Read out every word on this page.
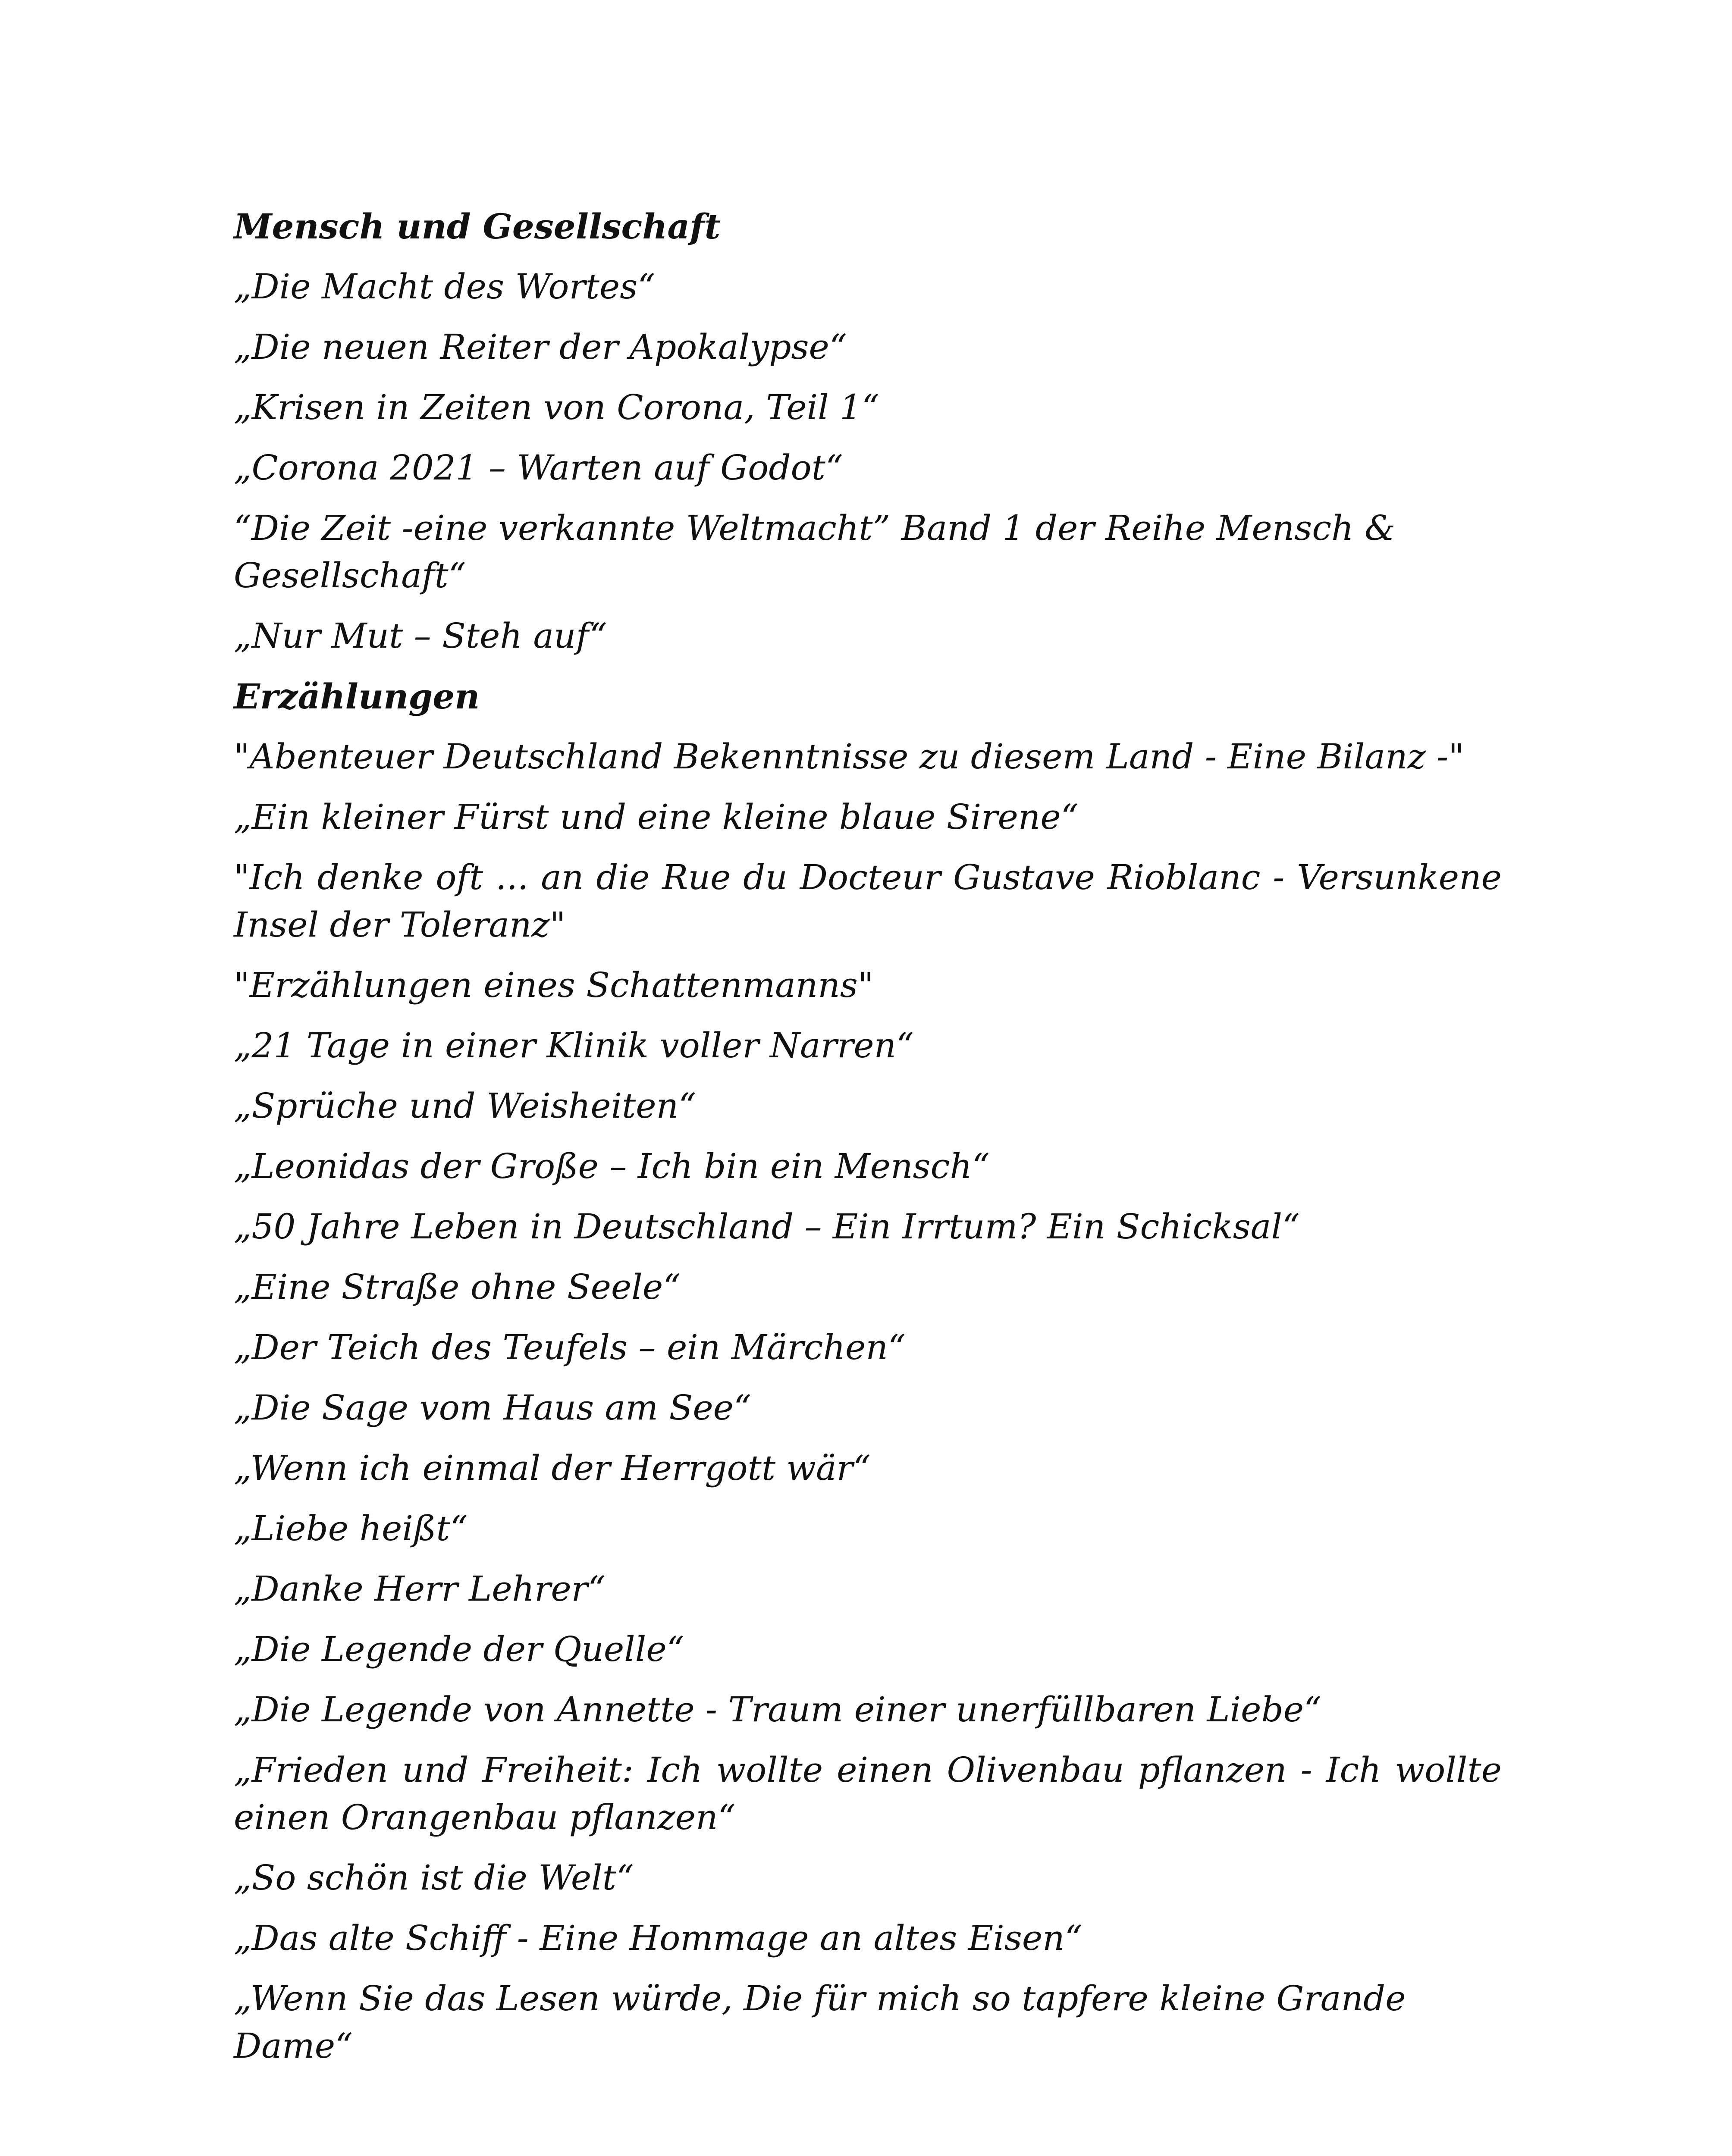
Mensch und Gesellschaft
„Die Macht des Wortes“
„Die neuen Reiter der Apokalypse“
„Krisen in Zeiten von Corona, Teil 1“
„Corona 2021 – Warten auf Godot“
“Die Zeit -eine verkannte Weltmacht” Band 1 der Reihe Mensch & Gesellschaft“
„Nur Mut – Steh auf“
Erzählungen
"Abenteuer Deutschland Bekenntnisse zu diesem Land - Eine Bilanz -"
„Ein kleiner Fürst und eine kleine blaue Sirene“
"Ich denke oft ... an die Rue du Docteur Gustave Rioblanc - Versunkene Insel der Toleranz"
"Erzählungen eines Schattenmanns"
„21 Tage in einer Klinik voller Narren“
„Sprüche und Weisheiten“
„Leonidas der Große – Ich bin ein Mensch“
„50 Jahre Leben in Deutschland – Ein Irrtum? Ein Schicksal“
„Eine Straße ohne Seele“
„Der Teich des Teufels – ein Märchen“
„Die Sage vom Haus am See“
„Wenn ich einmal der Herrgott wär“
„Liebe heißt“
„Danke Herr Lehrer“
„Die Legende der Quelle“
„Die Legende von Annette - Traum einer unerfüllbaren Liebe“
„Frieden und Freiheit: Ich wollte einen Olivenbau pflanzen - Ich wollte einen Orangenbau pflanzen“
„So schön ist die Welt“
„Das alte Schiff - Eine Hommage an altes Eisen“
„Wenn Sie das Lesen würde, Die für mich so tapfere kleine Grande Dame“
